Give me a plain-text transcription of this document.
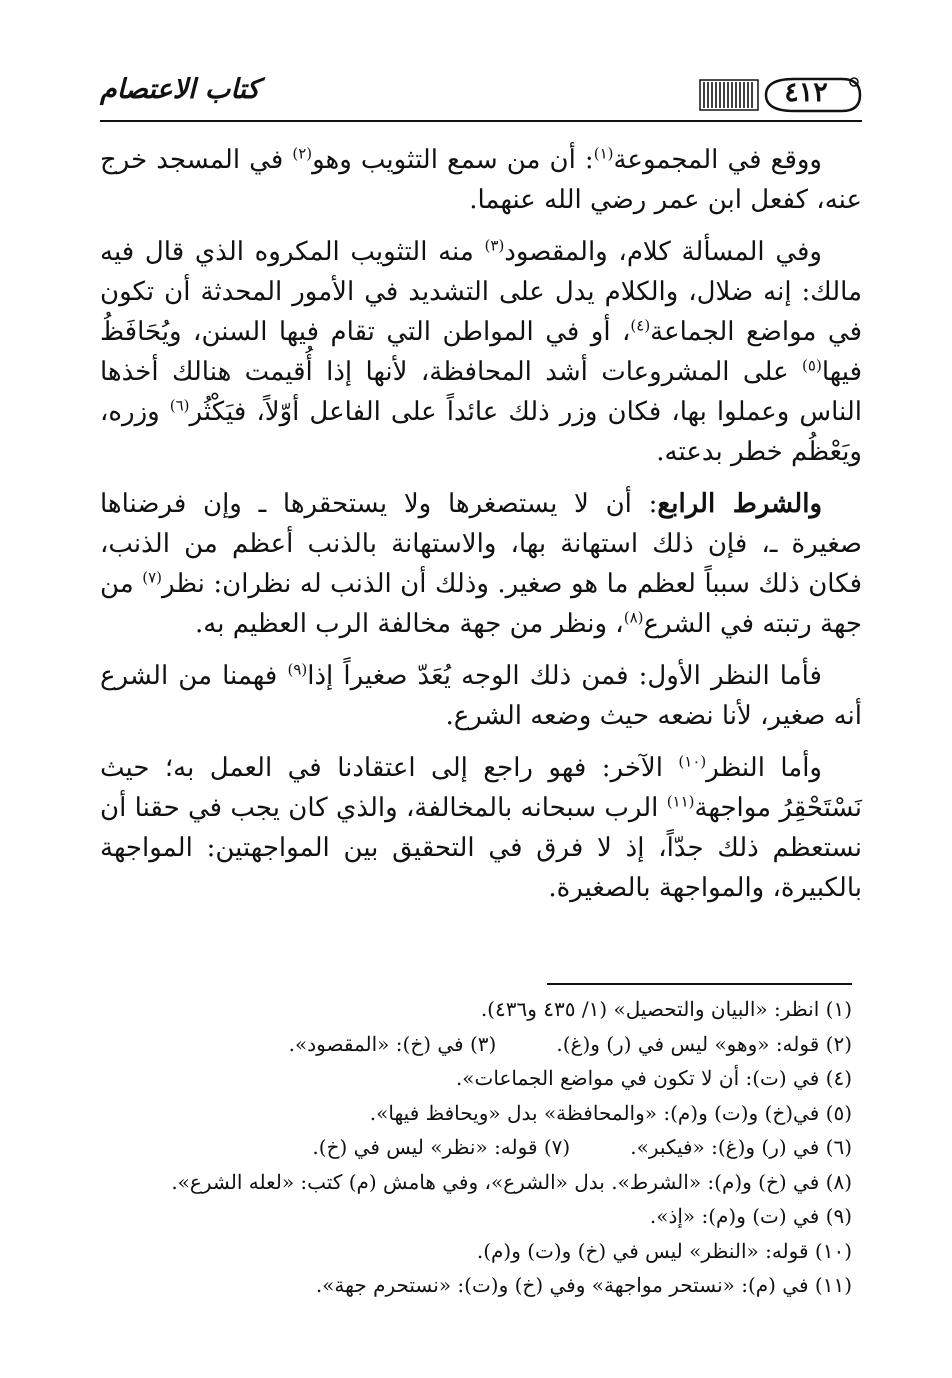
كتاب الاعتصام	٤١٢

ووقع في المجموعة$^{(١)}$: أن من سمع التثويب وهو$^{(٢)}$ في المسجد خرج عنه، كفعل ابن عمر رضي الله عنهما.

وفي المسألة كلام، والمقصود$^{(٣)}$ منه التثويب المكروه الذي قال فيه مالك: إنه ضلال، والكلام يدل على التشديد في الأمور المحدثة أن تكون في مواضع الجماعة$^{(٤)}$، أو في المواطن التي تقام فيها السنن، ويُحَافَظُ فيها$^{(٥)}$ على المشروعات أشد المحافظة، لأنها إذا أُقيمت هنالك أخذها الناس وعملوا بها، فكان وزر ذلك عائداً على الفاعل أوّلاً، فيَكْثُر$^{(٦)}$ وزره، ويَعْظُم خطر بدعته.

والشرط الرابع: أن لا يستصغرها ولا يستحقرها ـ وإن فرضناها صغيرة ـ، فإن ذلك استهانة بها، والاستهانة بالذنب أعظم من الذنب، فكان ذلك سبباً لعظم ما هو صغير. وذلك أن الذنب له نظران: نظر$^{(٧)}$ من جهة رتبته في الشرع$^{(٨)}$، ونظر من جهة مخالفة الرب العظيم به.

فأما النظر الأول: فمن ذلك الوجه يُعَدّ صغيراً إذا$^{(٩)}$ فهمنا من الشرع أنه صغير، لأنا نضعه حيث وضعه الشرع.

وأما النظر$^{(١٠)}$ الآخر: فهو راجع إلى اعتقادنا في العمل به؛ حيث نَسْتَحْقِرُ مواجهة$^{(١١)}$ الرب سبحانه بالمخالفة، والذي كان يجب في حقنا أن نستعظم ذلك جدّاً، إذ لا فرق في التحقيق بين المواجهتين: المواجهة بالكبيرة، والمواجهة بالصغيرة.

(١) انظر: «البيان والتحصيل» (١/ ٤٣٥ و٤٣٦).
(٢) قوله: «وهو» ليس في (ر) و(غ).(٣) في (خ): «المقصود».
(٤) في (ت): أن لا تكون في مواضع الجماعات».
(٥) في(خ) و(ت) و(م): «والمحافظة» بدل «ويحافظ فيها».
(٦) في (ر) و(غ): «فيكبر».(٧) قوله: «نظر» ليس في (خ).
(٨) في (خ) و(م): «الشرط». بدل «الشرع»، وفي هامش (م) كتب: «لعله الشرع».
(٩) في (ت) و(م): «إذ».
(١٠) قوله: «النظر» ليس في (خ) و(ت) و(م).
(١١) في (م): «نستحر مواجهة» وفي (خ) و(ت): «نستحرم جهة».
